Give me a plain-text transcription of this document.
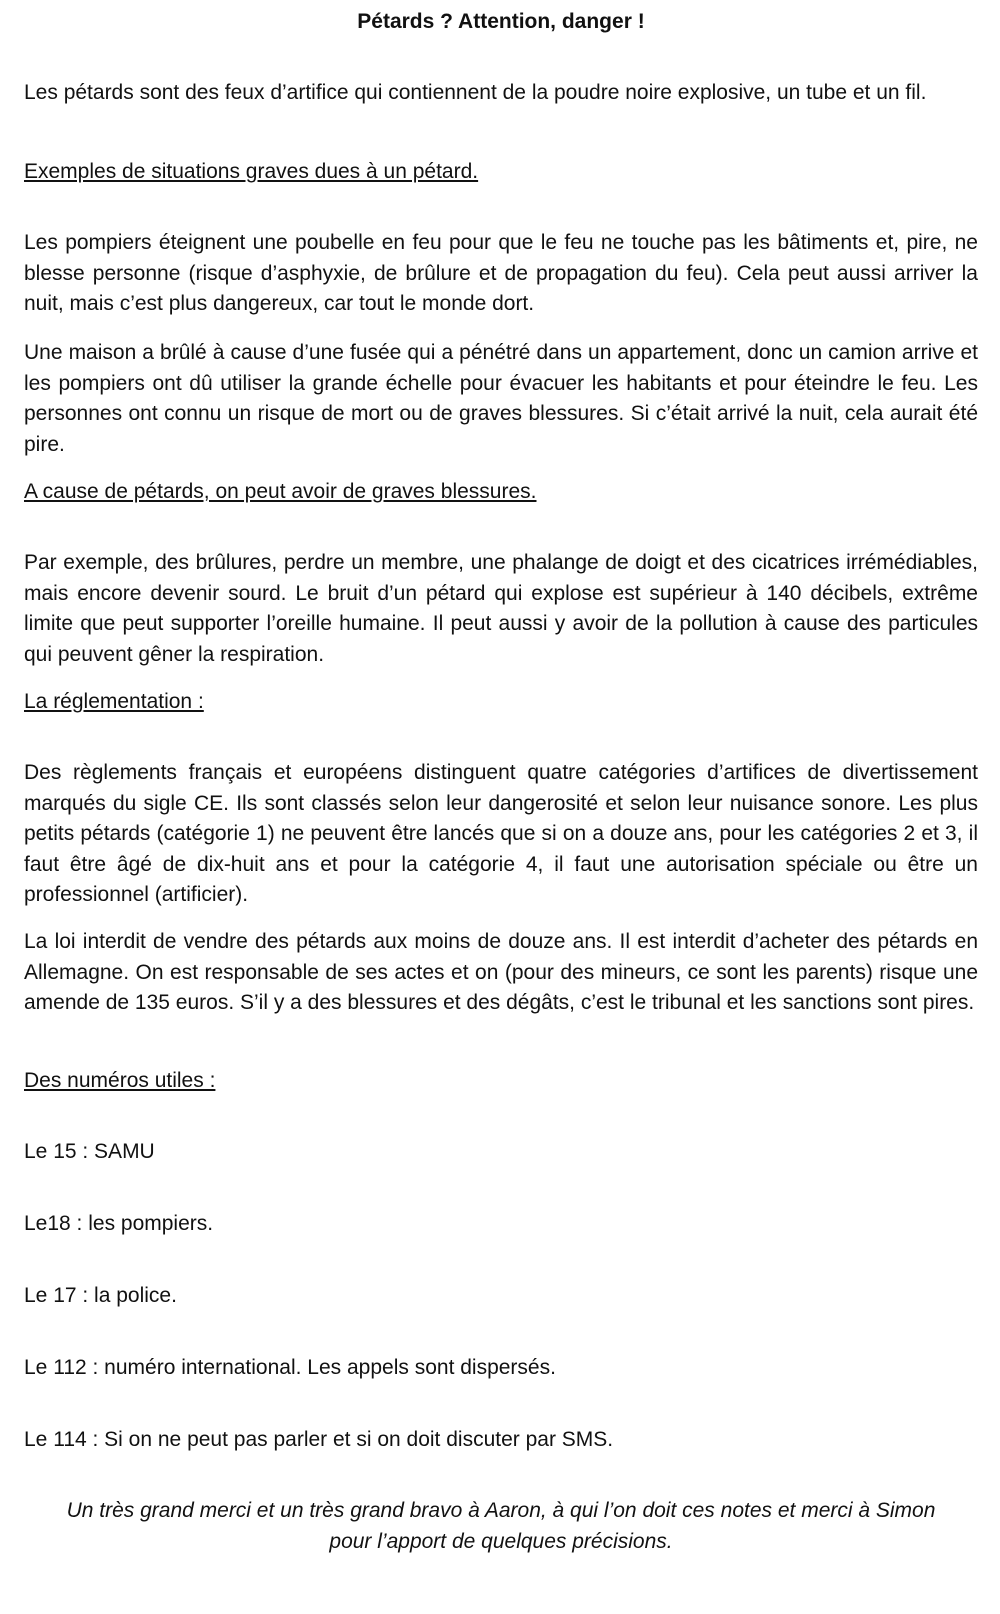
Pétards ? Attention, danger !

Les pétards sont des feux d’artifice qui contiennent de la poudre noire explosive, un tube et un fil.

Exemples de situations graves dues à un pétard.

Les pompiers éteignent une poubelle en feu pour que le feu ne touche pas les bâtiments et, pire, ne blesse personne (risque d’asphyxie, de brûlure et de propagation du feu). Cela peut aussi arriver la nuit, mais c’est plus dangereux, car tout le monde dort.

Une maison a brûlé à cause d’une fusée qui a pénétré dans un appartement, donc un camion arrive et les pompiers ont dû utiliser la grande échelle pour évacuer les habitants et pour éteindre le feu. Les personnes ont connu un risque de mort ou de graves blessures. Si c’était arrivé la nuit, cela aurait été pire.

A cause de pétards, on peut avoir de graves blessures.

Par exemple, des brûlures, perdre un membre, une phalange de doigt et des cicatrices irrémédiables, mais encore devenir sourd. Le bruit d’un pétard qui explose est supérieur à 140 décibels, extrême limite que peut supporter l’oreille humaine. Il peut aussi y avoir de la pollution à cause des particules qui peuvent gêner la respiration.

La réglementation :

Des règlements français et européens distinguent quatre catégories d’artifices de divertissement marqués du sigle CE. Ils sont classés selon leur dangerosité et selon leur nuisance sonore. Les plus petits pétards (catégorie 1) ne peuvent être lancés que si on a douze ans, pour les catégories 2 et 3, il faut être âgé de dix-huit ans et pour la catégorie 4, il faut une autorisation spéciale ou être un professionnel (artificier).

La loi interdit de vendre des pétards aux moins de douze ans. Il est interdit d’acheter des pétards en Allemagne. On est responsable de ses actes et on (pour des mineurs, ce sont les parents) risque une amende de 135 euros. S’il y a des blessures et des dégâts, c’est le tribunal et les sanctions sont pires.

Des numéros utiles :

Le 15 : SAMU

Le18 : les pompiers.

Le 17 : la police.

Le 112 : numéro international. Les appels sont dispersés.

Le 114 : Si on ne peut pas parler et si on doit discuter par SMS.

Un très grand merci et un très grand bravo à Aaron, à qui l’on doit ces notes et merci à Simon pour l’apport de quelques précisions.
